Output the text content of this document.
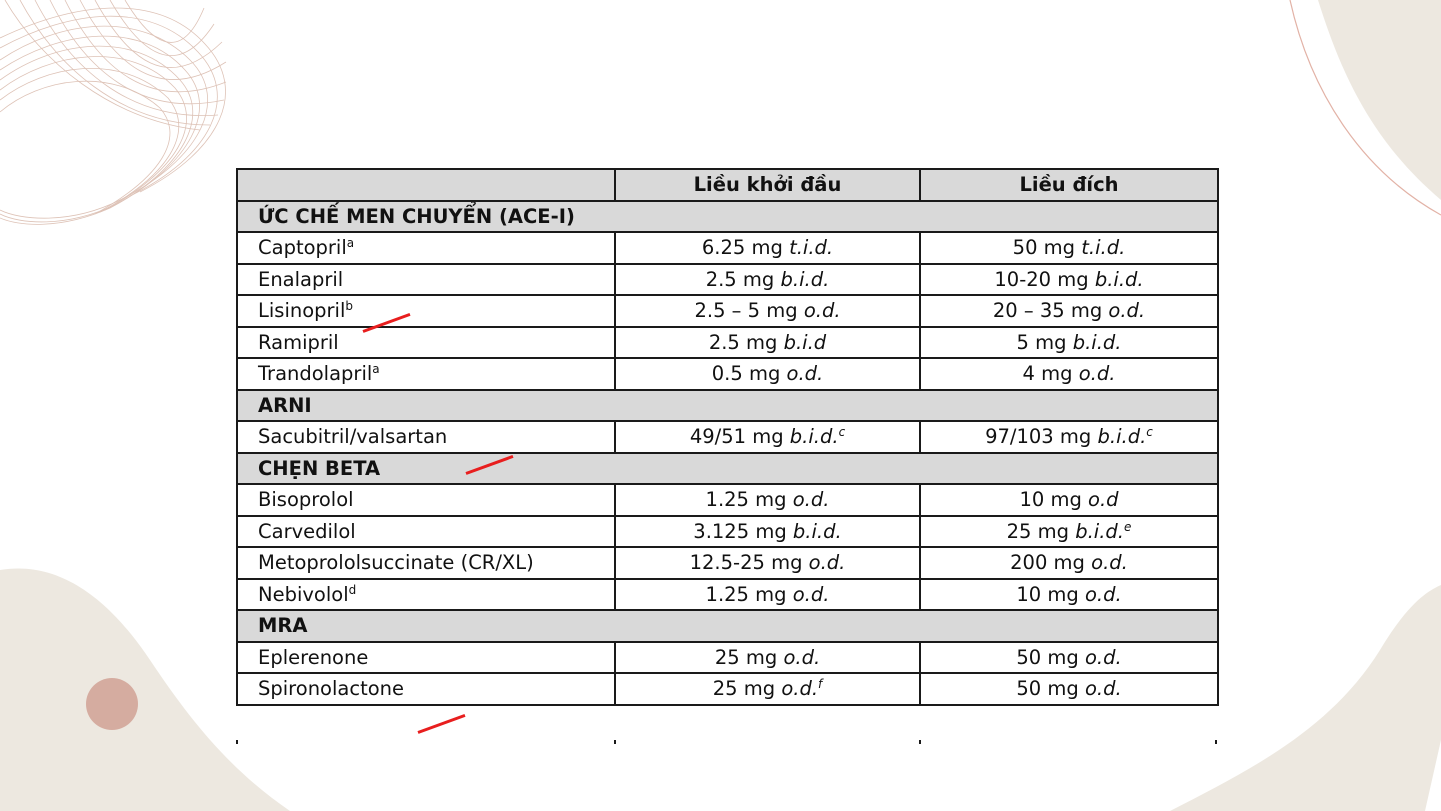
	Liều khởi đầu	Liều đích
ỨC CHẾ MEN CHUYỂN (ACE-I)		
Captopril$^a$	6.25 mg t.i.d.	50 mg t.i.d.
Enalapril	2.5 mg b.i.d.	10-20 mg b.i.d.
Lisinopril$^b$	2.5 – 5 mg o.d.	20 – 35 mg o.d.
Ramipril	2.5 mg b.i.d	5 mg b.i.d.
Trandolapril$^a$	0.5 mg o.d.	4 mg o.d.
ARNI		
Sacubitril/valsartan	49/51 mg b.i.d.$^c$	97/103 mg b.i.d.$^c$
CHẸN BETA		
Bisoprolol	1.25 mg o.d.	10 mg o.d
Carvedilol	3.125 mg b.i.d.	25 mg b.i.d.$^e$
Metoprololsuccinate (CR/XL)	12.5-25 mg o.d.	200 mg o.d.
Nebivolol$^d$	1.25 mg o.d.	10 mg o.d.
MRA		
Eplerenone	25 mg o.d.	50 mg o.d.
Spironolactone	25 mg o.d.$^f$	50 mg o.d.
